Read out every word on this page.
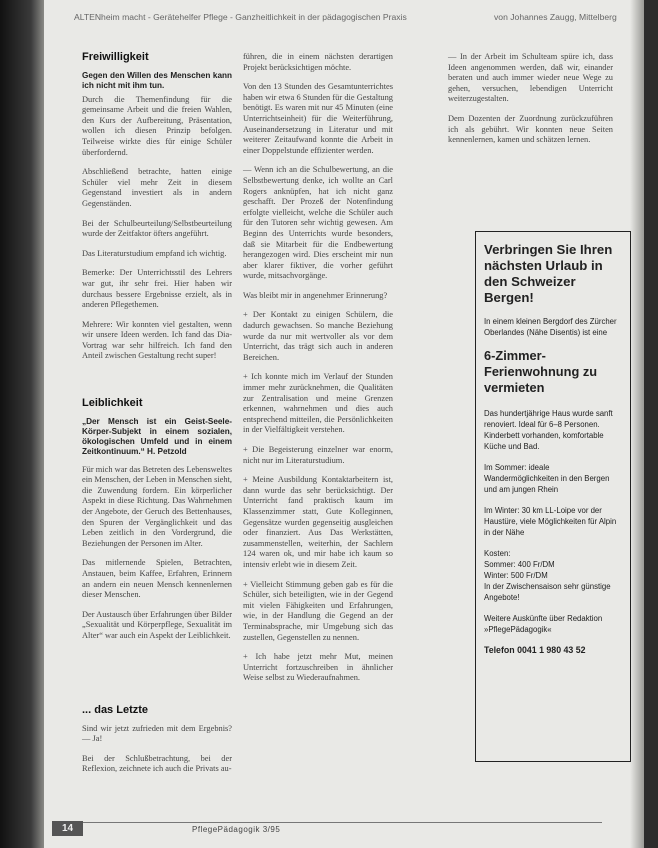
ALTENheim macht - Gerätehelfer Pflege - Ganzheitlichkeit in der pädagogischen Praxis	von Johannes Zaugg, Mittelberg
Freiwilligkeit
Gegen den Willen des Menschen kann ich nicht mit ihm tun.

Durch die Themenfindung für die gemeinsame Arbeit und die freien Wahlen, den Kurs der Aufbereitung, Präsentation, wollen ich diesen Prinzip befolgen. Teilweise wirkte dies für einige Schüler überfordernd.

Abschließend betrachte, hatten einige Schüler viel mehr Zeit in diesem Gegenstand investiert als in andern Gegenständen.

Bei der Schulbeurteilung/Selbstbeurteilung wurde der Zeitfaktor öfters angeführt.

Das Literaturstudium empfand ich wichtig.

Bemerke: Der Unterrichtsstil des Lehrers war gut, ihr sehr frei. Hier haben wir durchaus bessere Ergebnisse erzielt, als in anderen Pflegethemen.

Mehrere: Wir konnten viel gestalten, wenn wir unsere Ideen werden. Ich fand das Dia-Vortrag war sehr hilfreich. Ich fand den Anteil zwischen Gestaltung recht super!

Leiblichkeit
„Der Mensch ist ein Geist-Seele-Körper-Subjekt in einem sozialen, ökologischen Umfeld und in einem Zeitkontinuum.“ H. Petzold

Für mich war das Betreten des Lebensweltes ein Menschen, der Leben in Menschen sieht, die Zuwendung fordern. Ein körperlicher Aspekt in diese Richtung. Das Wahrnehmen der Angebote, der Geruch des Bettenhauses, den Spuren der Vergänglichkeit und das Leben zeitlich in den Vordergrund, die Beziehungen der Personen im Alter.

Das mitlernende Spielen, Betrachten, Anstauen, beim Kaffee, Erfahren, Erinnern an andern ein neuen Mensch kennenlernen dieser Menschen.

Der Austausch über Erfahrungen über Bilder „Sexualität und Körperpflege, Sexualität im Alter“ war auch ein Aspekt der Leiblichkeit.

... das Letzte

Sind wir jetzt zufrieden mit dem Ergebnis? — Ja!

Bei der Schlußbetrachtung, bei der Reflexion, zeichnete ich auch die Privats au-

führen, die in einem nächsten derartigen Projekt berücksichtigen möchte.

Von den 13 Stunden des Gesamtunterrichtes haben wir etwa 6 Stunden für die Gestaltung benötigt. Es waren mit nur 45 Minuten (eine Unterrichtseinheit) für die Weiterführung, Auseinandersetzung in Literatur und mit weiterer Zeitaufwand konnte die Arbeit in einer Doppelstunde effizienter werden.

— Wenn ich an die Schulbewertung, an die Selbstbewertung denke, ich wollte an Carl Rogers anknüpfen, hat ich nicht ganz geschafft. Der Prozeß der Notenfindung erfolgte vielleicht, welche die Schüler auch für den Tutoren sehr wichtig gewesen. Am Beginn des Unterrichts wurde besonders, daß sie Mitarbeit für die Endbewertung herangezogen wird. Dies erscheint mir nun aber klarer fiktiver, die vorher geführt wurde, mitsachvorgänge.

Was bleibt mir in angenehmer Erinnerung?

+ Der Kontakt zu einigen Schülern, die dadurch gewachsen. So manche Beziehung wurde da nur mit wertvoller als vor dem Unterricht, das trägt sich auch in anderen Bereichen.

+ Ich konnte mich im Verlauf der Stunden immer mehr zurücknehmen, die Qualitäten zur Zentralisation und meine Grenzen erkennen, wahrnehmen und dies auch entsprechend mitteilen, die Persönlichkeiten in der Vielfältigkeit verstehen.

+ Die Begeisterung einzelner war enorm, nicht nur im Literaturstudium.

+ Meine Ausbildung Kontaktarbeitern ist, dann wurde das sehr berücksichtigt. Der Unterricht fand praktisch kaum im Klassenzimmer statt, Gute Kolleginnen, Gegensätze wurden gegenseitig ausgleichen oder finanziert. Aus Das Werkstätten, zusammenstellen, weiterhin, der Sachlern 124 waren ok, und mir habe ich kaum so intensiv erlebt wie in diesem Zeit.

+ Vielleicht Stimmung geben gab es für die Schüler, sich beteiligten, wie in der Gegend mit vielen Fähigkeiten und Erfahrungen, wie, in der Handlung die Gegend an der Terminabsprache, mir Umgebung sich das zustellen, Gegenstellen zu nennen.

+ Ich habe jetzt mehr Mut, meinen Unterricht fortzuschreiben in ähnlicher Weise selbst zu Wiederaufnahmen.

— In der Arbeit im Schulteam spüre ich, dass Ideen angenommen werden, daß wir, einander beraten und auch immer wieder neue Wege zu gehen, versuchen, lebendigen Unterricht weiterzugestalten.

Dem Dozenten der Zuordnung zurückzuführen ich als gebührt. Wir konnten neue Seiten kennenlernen, kamen und schätzen lernen.

Verbringen Sie Ihren nächsten Urlaub in den Schweizer Bergen!
In einem kleinen Bergdorf des Zürcher Oberlandes (Nähe Disentis) ist eine
6-Zimmer-Ferienwohnung zu vermieten
Das hundertjährige Haus wurde sanft renoviert. Ideal für 6–8 Personen. Kinderbett vorhanden, komfortable Küche und Bad.
Im Sommer: ideale Wandermöglichkeiten in den Bergen und am jungen Rhein
Im Winter: 30 km LL-Loipe vor der Haustüre, viele Möglichkeiten für Alpin in der Nähe
Kosten:
Sommer: 400 Fr/DM
Winter: 500 Fr/DM
In der Zwischensaison sehr günstige Angebote!
Weitere Auskünfte über Redaktion »PflegePädagogik«
Telefon 0041 1 980 43 52
14	PflegePädagogik 3/95
